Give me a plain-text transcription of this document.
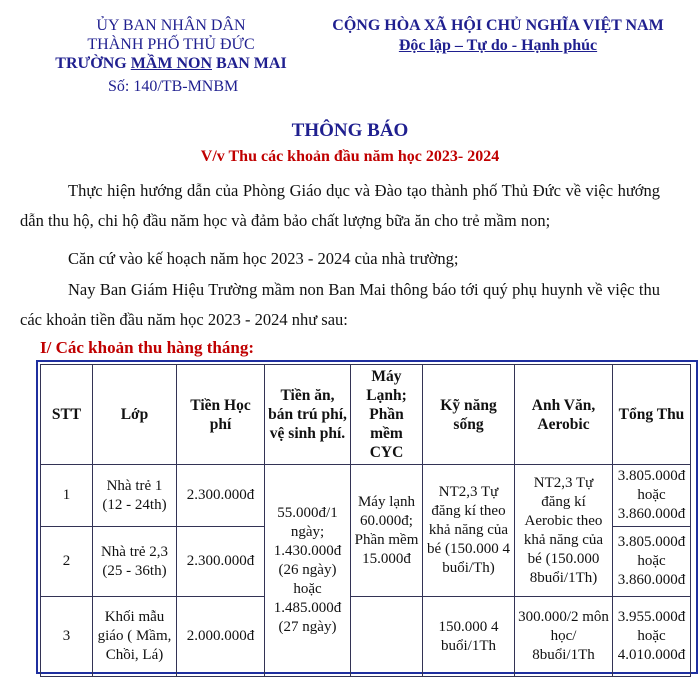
ỦY BAN NHÂN DÂN
THÀNH PHỐ THỦ ĐỨC
TRƯỜNG MẦM NON BAN MAI
Số: 140/TB-MNBM
CỘNG HÒA XÃ HỘI CHỦ NGHĨA VIỆT NAM
Độc lập – Tự do - Hạnh phúc
THÔNG BÁO
V/v Thu các khoản đầu năm học 2023- 2024
Thực hiện hướng dẫn của Phòng Giáo dục và Đào tạo thành phố Thủ Đức về việc hướng dẫn thu hộ, chi hộ đầu năm học và đảm bảo chất lượng bữa ăn cho trẻ mầm non;
Căn cứ vào kế hoạch năm học 2023 - 2024 của nhà trường;
Nay Ban Giám Hiệu Trường mầm non Ban Mai thông báo tới quý phụ huynh về việc thu các khoản tiền đầu năm học 2023 - 2024 như sau:
I/ Các khoản thu hàng tháng:
STT	Lớp	Tiền Học phí	Tiền ăn, bán trú phí, vệ sinh phí.	Máy Lạnh; Phần mềm CYC	Kỹ năng sống	Anh Văn, Aerobic	Tổng Thu
1	Nhà trẻ 1 (12 - 24th)	2.300.000đ	55.000đ/1 ngày; 1.430.000đ (26 ngày) hoặc 1.485.000đ (27 ngày)	Máy lạnh 60.000đ; Phần mềm 15.000đ	NT2,3 Tự đăng kí theo khả năng của bé (150.000 4 buổi/Th)	NT2,3 Tự đăng kí Aerobic theo khả năng của bé (150.000 8buổi/1Th)	3.805.000đ hoặc 3.860.000đ
2	Nhà trẻ 2,3 (25 - 36th)	2.300.000đ					3.805.000đ hoặc 3.860.000đ
3	Khối mẫu giáo ( Mầm, Chồi, Lá)	2.000.000đ			150.000 4 buổi/1Th	300.000/2 môn học/ 8buổi/1Th	3.955.000đ hoặc 4.010.000đ
